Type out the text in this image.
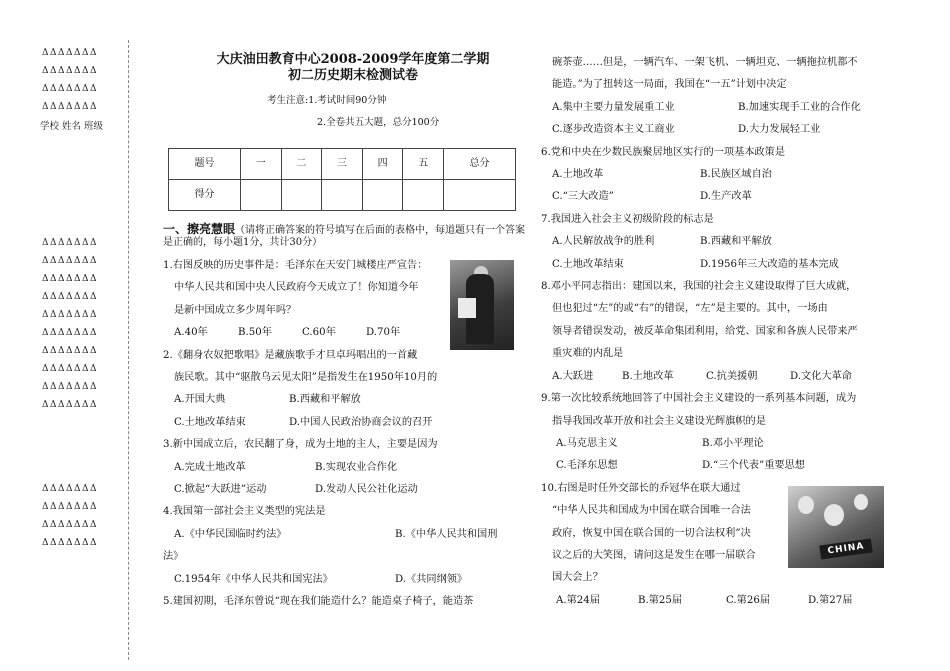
ΔΔΔΔΔΔΔ
ΔΔΔΔΔΔΔ
ΔΔΔΔΔΔΔ
ΔΔΔΔΔΔΔ
学校 姓名 班级
ΔΔΔΔΔΔΔ
ΔΔΔΔΔΔΔ
ΔΔΔΔΔΔΔ
ΔΔΔΔΔΔΔ
ΔΔΔΔΔΔΔ
ΔΔΔΔΔΔΔ
ΔΔΔΔΔΔΔ
ΔΔΔΔΔΔΔ
ΔΔΔΔΔΔΔ
ΔΔΔΔΔΔΔ
ΔΔΔΔΔΔΔ
ΔΔΔΔΔΔΔ
ΔΔΔΔΔΔΔ
ΔΔΔΔΔΔΔ
大庆油田教育中心2008-2009学年度第二学期
初二历史期末检测试卷
考生注意:1.考试时间90分钟
2.全卷共五大题，总分100分
题号	一	二	三	四	五	总分
得分						
一、擦亮慧眼（请将正确答案的符号填写在后面的表格中，每道题只有一个答案是正确的，每小题1分，共计30分）
1.右图反映的历史事件是：毛泽东在天安门城楼庄严宣告：
中华人民共和国中央人民政府今天成立了！你知道今年
是新中国成立多少周年吗？
A.40年	B.50年	C.60年	D.70年
2.《翻身农奴把歌唱》是藏族歌手才旦卓玛唱出的一首藏
族民歌。其中“驱散乌云见太阳”是指发生在1950年10月的
A.开国大典	B.西藏和平解放
C.土地改革结束	D.中国人民政治协商会议的召开
3.新中国成立后，农民翻了身，成为土地的主人，主要是因为
A.完成土地改革	B.实现农业合作化
C.掀起“大跃进”运动	D.发动人民公社化运动
4.我国第一部社会主义类型的宪法是
A.《中华民国临时约法》	B.《中华人民共和国刑
法》
C.1954年《中华人民共和国宪法》	D.《共同纲领》
5.建国初期，毛泽东曾说“现在我们能造什么？能造桌子椅子，能造茶
碗茶壶……但是，一辆汽车、一架飞机、一辆坦克、一辆拖拉机都不
能造。”为了扭转这一局面，我国在“一五”计划中决定
A.集中主要力量发展重工业	B.加速实现手工业的合作化
C.逐步改造资本主义工商业	D.大力发展轻工业
6.党和中央在少数民族聚居地区实行的一项基本政策是
A.土地改革	B.民族区域自治
C.“三大改造”	D.生产改革
7.我国进入社会主义初级阶段的标志是
A.人民解放战争的胜利	B.西藏和平解放
C.土地改革结束	D.1956年三大改造的基本完成
8.邓小平同志指出：建国以来，我国的社会主义建设取得了巨大成就，
但也犯过“左”的或“右”的错误，“左”是主要的。其中，一场由
领导者错误发动，被反革命集团利用，给党、国家和各族人民带来严
重灾难的内乱是
A.大跃进	B.土地改革	C.抗美援朝	D.文化大革命
9.第一次比较系统地回答了中国社会主义建设的一系列基本问题，成为
指导我国改革开放和社会主义建设光辉旗帜的是
A.马克思主义	B.邓小平理论
C.毛泽东思想	D.“三个代表”重要思想
10.右图是时任外交部长的乔冠华在联大通过
“中华人民共和国成为中国在联合国唯一合法
政府，恢复中国在联合国的一切合法权利”决
议之后的大笑图，请问这是发生在哪一届联合
国大会上？
A.第24届	B.第25届	C.第26届	D.第27届
CHINA
